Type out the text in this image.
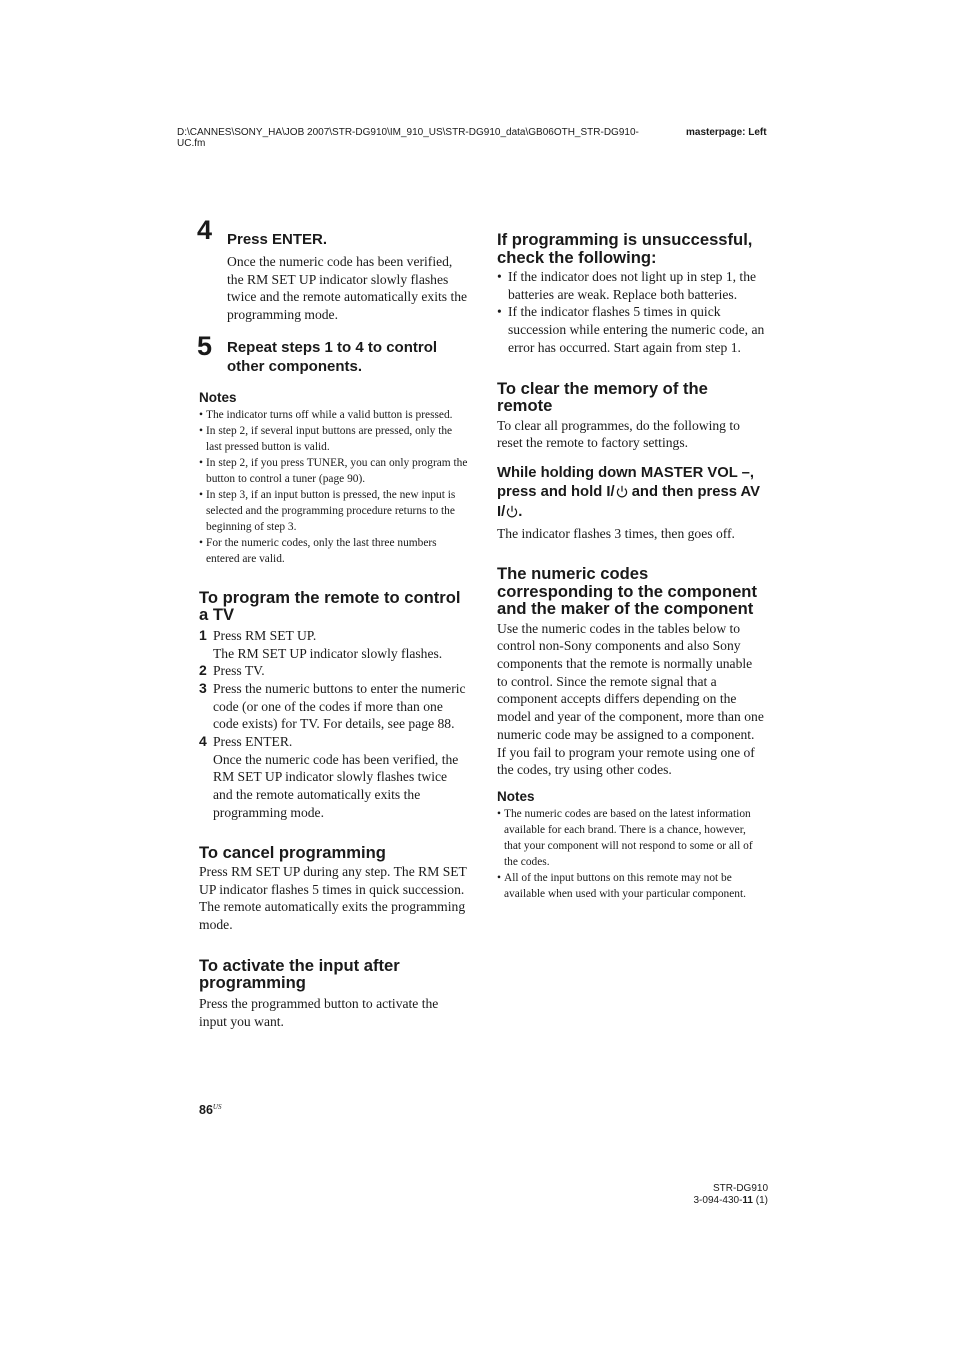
D:\CANNES\SONY_HA\JOB 2007\STR-DG910\IM_910_US\STR-DG910_data\GB06OTH_STR-DG910-UC.fm
masterpage: Left
4 Press ENTER.

Once the numeric code has been verified, the RM SET UP indicator slowly flashes twice and the remote automatically exits the programming mode.

5 Repeat steps 1 to 4 to control other components.

Notes

• The indicator turns off while a valid button is pressed.
• In step 2, if several input buttons are pressed, only the last pressed button is valid.
• In step 2, if you press TUNER, you can only program the button to control a tuner (page 90).
• In step 3, if an input button is pressed, the new input is selected and the programming procedure returns to the beginning of step 3.
• For the numeric codes, only the last three numbers entered are valid.
To program the remote to control a TV
1 Press RM SET UP.
The RM SET UP indicator slowly flashes.
2 Press TV.
3 Press the numeric buttons to enter the numeric code (or one of the codes if more than one code exists) for TV. For details, see page 88.
4 Press ENTER.
Once the numeric code has been verified, the RM SET UP indicator slowly flashes twice and the remote automatically exits the programming mode.
To cancel programming

Press RM SET UP during any step. The RM SET UP indicator flashes 5 times in quick succession. The remote automatically exits the programming mode.

To activate the input after programming

Press the programmed button to activate the input you want.

If programming is unsuccessful, check the following:
• If the indicator does not light up in step 1, the batteries are weak. Replace both batteries.
• If the indicator flashes 5 times in quick succession while entering the numeric code, an error has occurred. Start again from step 1.
To clear the memory of the remote

To clear all programmes, do the following to reset the remote to factory settings.

While holding down MASTER VOL –, press and hold I/ and then press AV I/ .

The indicator flashes 3 times, then goes off.

The numeric codes corresponding to the component and the maker of the component

Use the numeric codes in the tables below to control non-Sony components and also Sony components that the remote is normally unable to control. Since the remote signal that a component accepts differs depending on the model and year of the component, more than one numeric code may be assigned to a component. If you fail to program your remote using one of the codes, try using other codes.

Notes

• The numeric codes are based on the latest information available for each brand. There is a chance, however, that your component will not respond to some or all of the codes.
• All of the input buttons on this remote may not be available when used with your particular component.
$86^{US}$
STR-DG910
3-094-430-11 (1)
